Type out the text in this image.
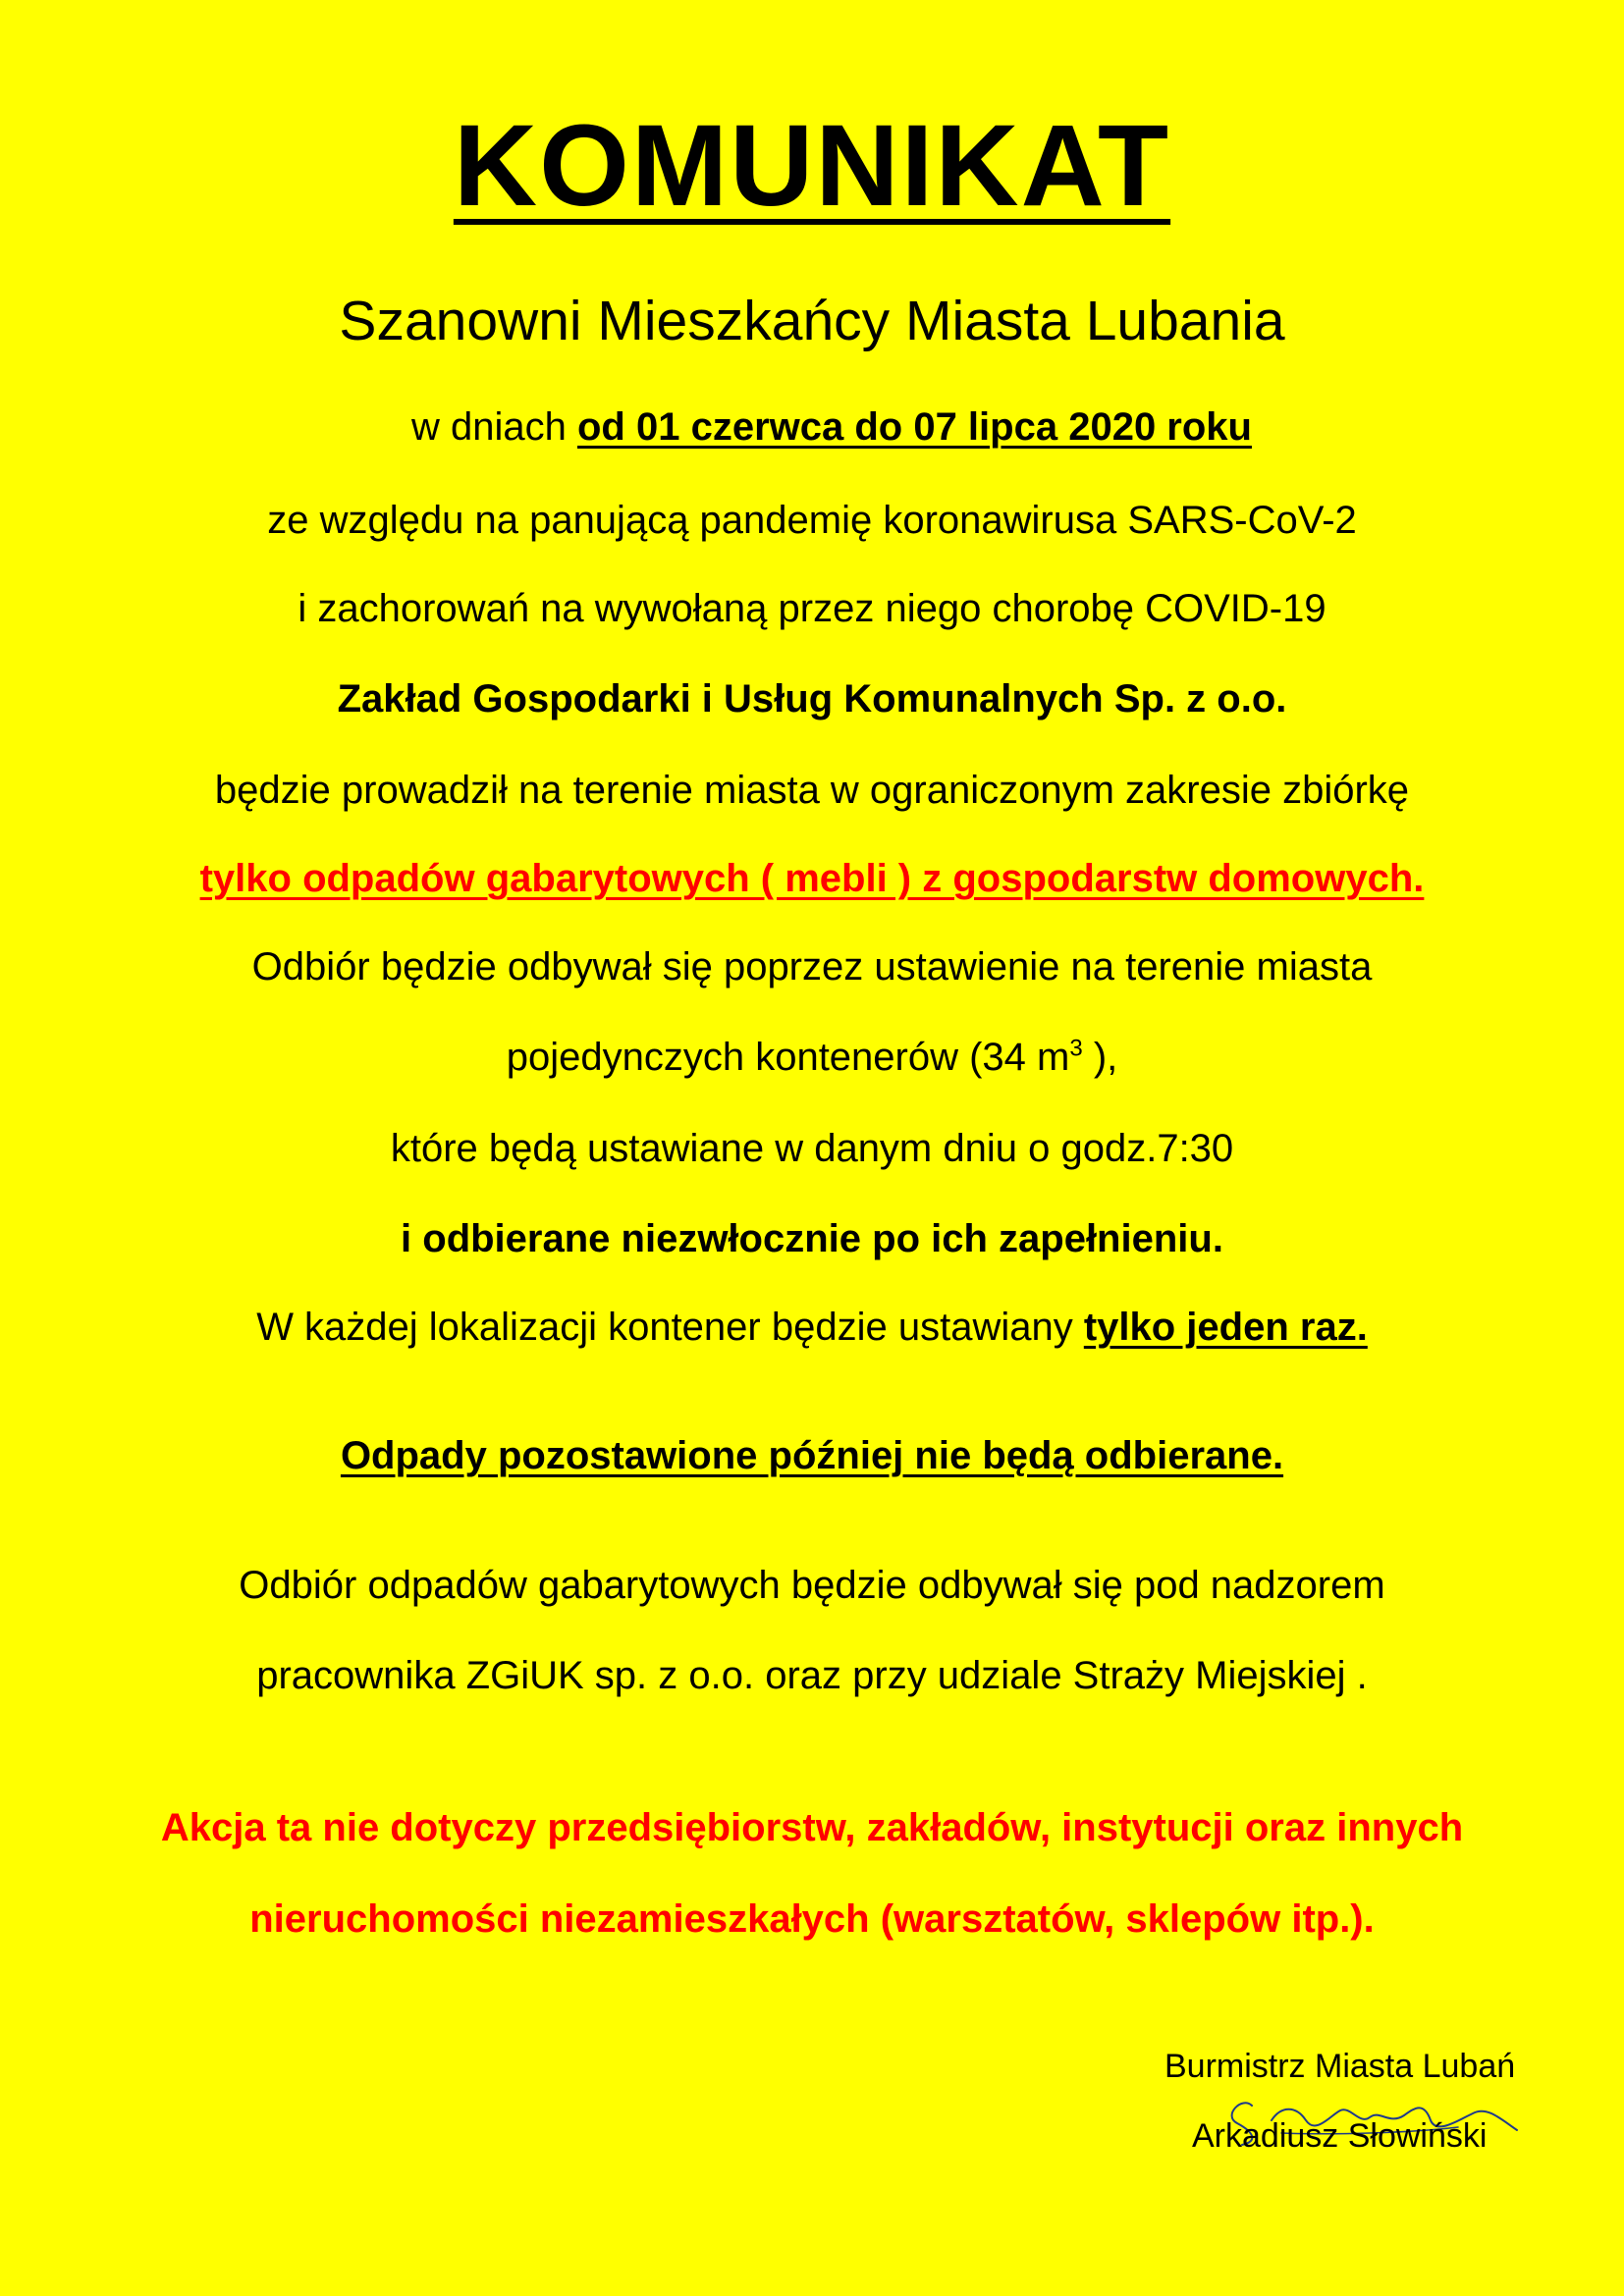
KOMUNIKAT
Szanowni Mieszkańcy Miasta Lubania
w dniach od 01 czerwca do 07 lipca 2020 roku
ze względu na panującą pandemię koronawirusa SARS-CoV-2
i zachorowań na wywołaną przez niego chorobę COVID-19
Zakład Gospodarki i Usług Komunalnych Sp. z o.o.
będzie prowadził na terenie miasta w ograniczonym zakresie zbiórkę
tylko odpadów gabarytowych ( mebli ) z gospodarstw domowych.
Odbiór będzie odbywał się poprzez ustawienie na terenie miasta
pojedynczych kontenerów (34 $m^3$ ),
które będą ustawiane w danym dniu o godz.7:30
i odbierane niezwłocznie po ich zapełnieniu.
W każdej lokalizacji kontener będzie ustawiany tylko jeden raz.
Odpady pozostawione później nie będą odbierane.
Odbiór odpadów gabarytowych będzie odbywał się pod nadzorem
pracownika ZGiUK sp. z o.o. oraz przy udziale Straży Miejskiej .
Akcja ta nie dotyczy przedsiębiorstw, zakładów, instytucji oraz innych
nieruchomości niezamieszkałych (warsztatów, sklepów itp.).
Burmistrz Miasta Lubań
Arkadiusz Słowiński
